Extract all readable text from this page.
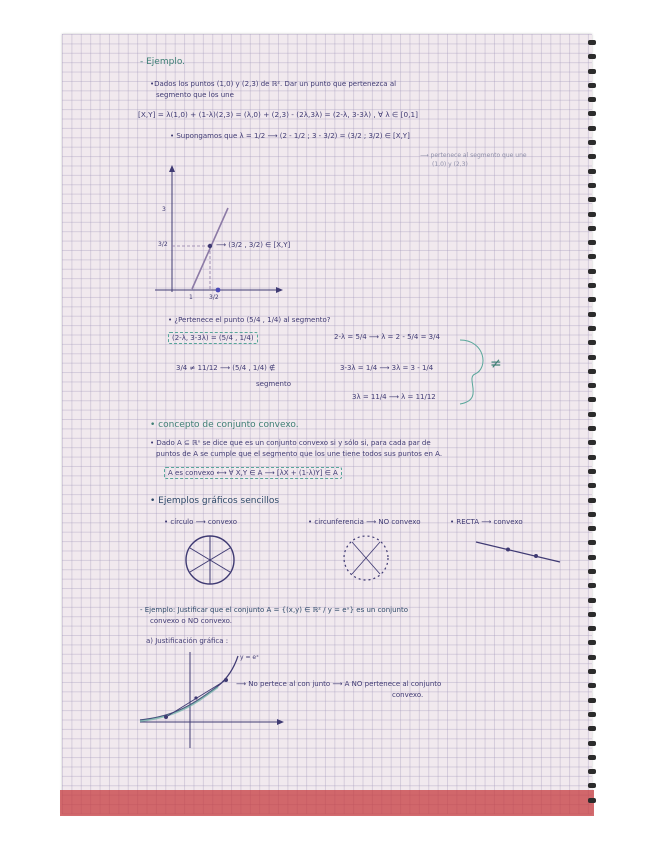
- Ejemplo.
•Dados los puntos (1,0) y (2,3) de ℝ². Dar un punto que pertenezca al
segmento que los une
[X,Y] = λ(1,0) + (1-λ)(2,3) = (λ,0) + (2,3) - (2λ,3λ) = (2-λ, 3-3λ) , ∀ λ ∈ [0,1]
• Supongamos que λ = 1/2 ⟶ (2 - 1/2 ; 3 - 3/2) = (3/2 ; 3/2) ∈ [X,Y]
⟶ pertenece al segmento que une
(1,0) y (2,3)
3
3/2
1	3/2
⟶ (3/2 , 3/2) ∈ [X,Y]
• ¿Pertenece el punto (5/4 , 1/4) al segmento?
(2-λ, 3-3λ) = (5/4 , 1/4)	2-λ = 5/4 ⟶ λ = 2 - 5/4 = 3/4
3-3λ = 1/4 ⟶ 3λ = 3 - 1/4
3λ = 11/4 ⟶ λ = 11/12
3/4 ≠ 11/12 ⟶ (5/4 , 1/4) ∉
segmento
≠
• concepto de conjunto convexo.
• Dado A ⊆ ℝⁿ se dice que es un conjunto convexo si y sólo si, para cada par de
puntos de A se cumple que el segmento que los une tiene todos sus puntos en A.
A es convexo ⟷ ∀ X,Y ∈ A ⟶ [λX + (1-λ)Y] ∈ A
• Ejemplos gráficos sencillos
• círculo ⟶ convexo	• circunferencia ⟶ NO convexo	• RECTA ⟶ convexo
- Ejemplo: Justificar que el conjunto A = {(x,y) ∈ ℝ² / y = eˣ} es un conjunto
convexo o NO convexo.
a) Justificación gráfica :
y = eˣ
⟶ No pertece al con junto ⟶ A NO pertenece al conjunto
convexo.
